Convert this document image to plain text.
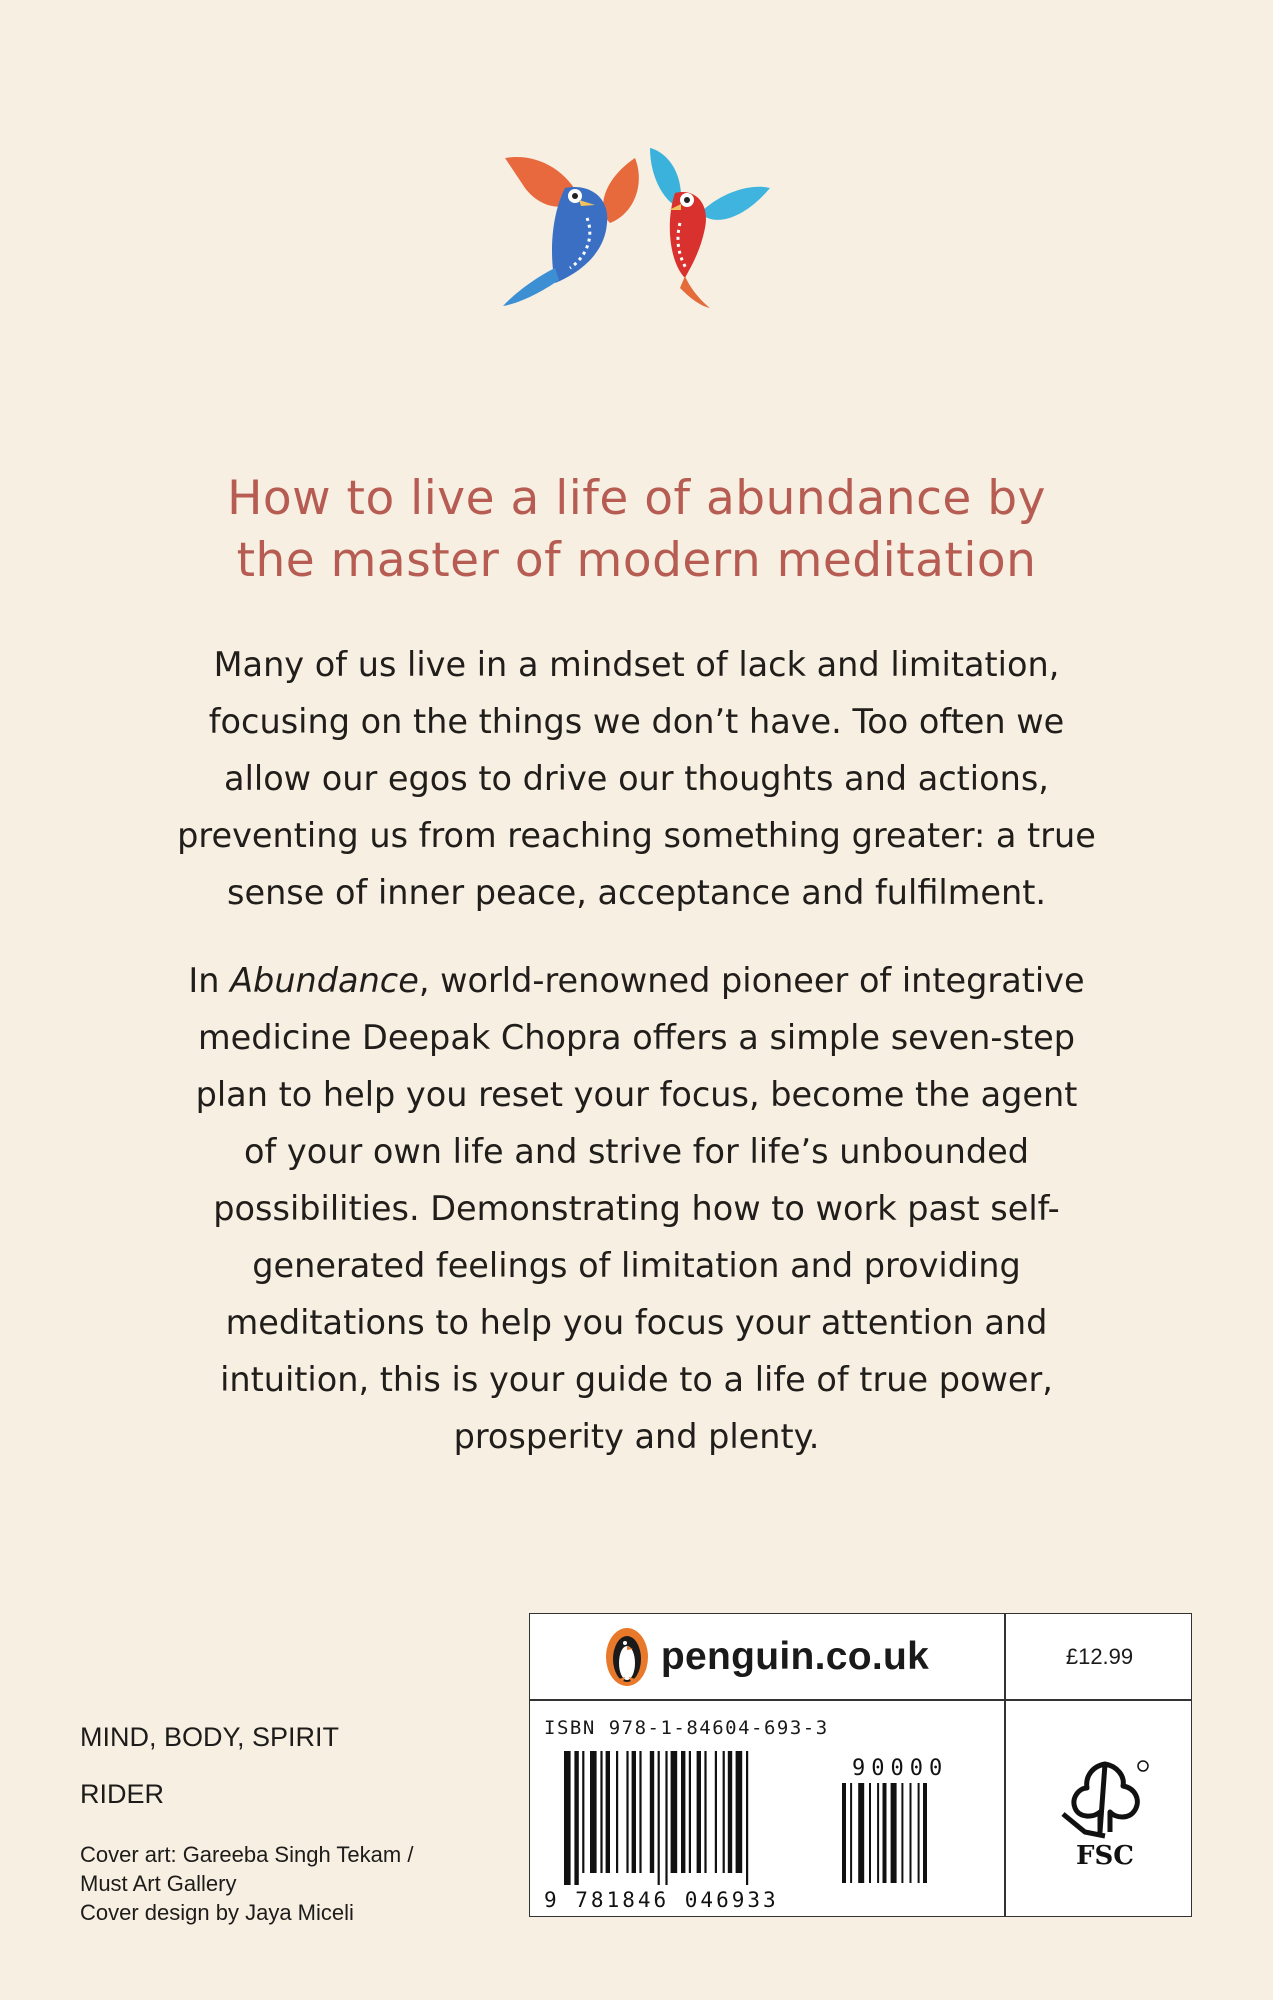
How to live a life of abundance by
the master of modern meditation
Many of us live in a mindset of lack and limitation,
focusing on the things we don’t have. Too often we
allow our egos to drive our thoughts and actions,
preventing us from reaching something greater: a true
sense of inner peace, acceptance and fulfilment.
In Abundance, world-renowned pioneer of integrative
medicine Deepak Chopra offers a simple seven-step
plan to help you reset your focus, become the agent
of your own life and strive for life’s unbounded
possibilities. Demonstrating how to work past self-
generated feelings of limitation and providing
meditations to help you focus your attention and
intuition, this is your guide to a life of true power,
prosperity and plenty.
MIND, BODY, SPIRIT
RIDER
Cover art: Gareeba Singh Tekam /
Must Art Gallery
Cover design by Jaya Miceli
penguin.co.uk	£12.99
ISBN 978-1-84604-693-3
9 781846 046933
90000
FSC
